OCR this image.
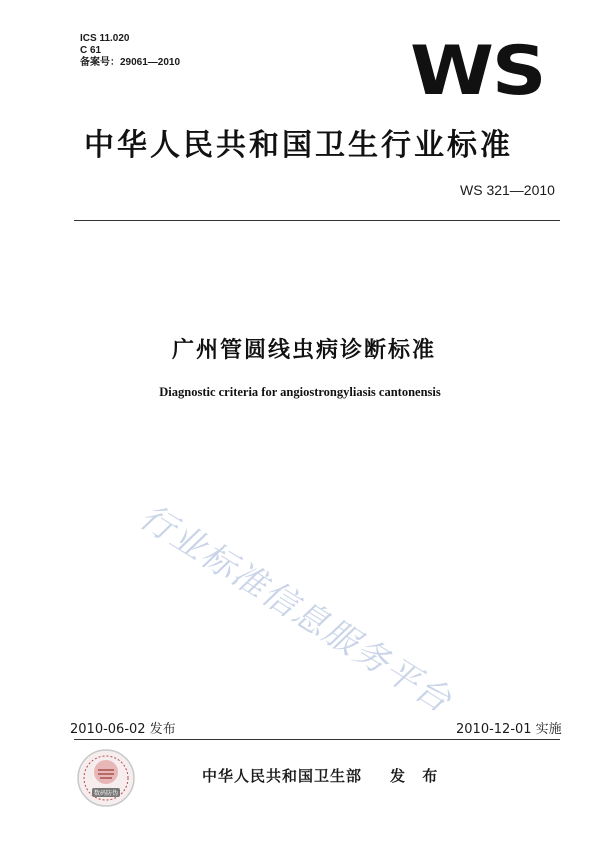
ICS 11.020
C 61
备案号：29061—2010	WS
中华人民共和国卫生行业标准
WS 321—2010
广州管圆线虫病诊断标准
Diagnostic criteria for angiostrongyliasis cantonensis
行业标准信息服务平台
2010-06-02 发布	2010-12-01 实施
数码防伪
中华人民共和国卫生部 发 布
